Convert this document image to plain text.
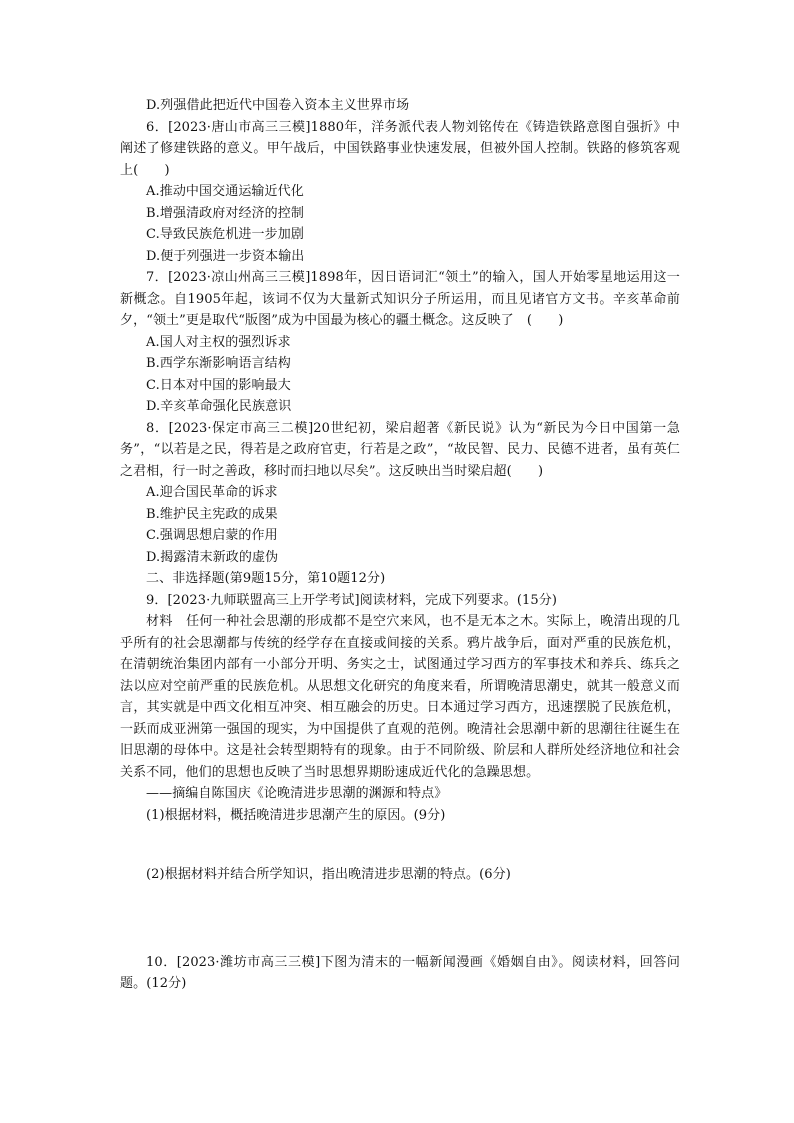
D.列强借此把近代中国卷入资本主义世界市场

6．[2023·唐山市高三三模]1880年，洋务派代表人物刘铭传在《铸造铁路意图自强折》中阐述了修建铁路的意义。甲午战后，中国铁路事业快速发展，但被外国人控制。铁路的修筑客观上(　　)

A.推动中国交通运输近代化
B.增强清政府对经济的控制
C.导致民族危机进一步加剧
D.便于列强进一步资本输出

7．[2023·凉山州高三三模]1898年，因日语词汇“领土”的输入，国人开始零星地运用这一新概念。自1905年起，该词不仅为大量新式知识分子所运用，而且见诸官方文书。辛亥革命前夕，“领土”更是取代“版图”成为中国最为核心的疆土概念。这反映了　(　　)

A.国人对主权的强烈诉求
B.西学东渐影响语言结构
C.日本对中国的影响最大
D.辛亥革命强化民族意识

8．[2023·保定市高三二模]20世纪初，梁启超著《新民说》认为“新民为今日中国第一急务”，“以若是之民，得若是之政府官吏，行若是之政”，“故民智、民力、民德不进者，虽有英仁之君相，行一时之善政，移时而扫地以尽矣”。这反映出当时梁启超(　　)

A.迎合国民革命的诉求
B.维护民主宪政的成果
C.强调思想启蒙的作用
D.揭露清末新政的虚伪
二、非选择题(第9题15分，第10题12分)

9．[2023·九师联盟高三上开学考试]阅读材料，完成下列要求。(15分)

材料　任何一种社会思潮的形成都不是空穴来风，也不是无本之木。实际上，晚清出现的几乎所有的社会思潮都与传统的经学存在直接或间接的关系。鸦片战争后，面对严重的民族危机，在清朝统治集团内部有一小部分开明、务实之士，试图通过学习西方的军事技术和养兵、练兵之法以应对空前严重的民族危机。从思想文化研究的角度来看，所谓晚清思潮史，就其一般意义而言，其实就是中西文化相互冲突、相互融会的历史。日本通过学习西方，迅速摆脱了民族危机，一跃而成亚洲第一强国的现实，为中国提供了直观的范例。晚清社会思潮中新的思潮往往诞生在旧思潮的母体中。这是社会转型期特有的现象。由于不同阶级、阶层和人群所处经济地位和社会关系不同，他们的思想也反映了当时思想界期盼速成近代化的急躁思想。

——摘编自陈国庆《论晚清进步思潮的渊源和特点》
(1)根据材料，概括晚清进步思潮产生的原因。(9分)
(2)根据材料并结合所学知识，指出晚清进步思潮的特点。(6分)

10．[2023·潍坊市高三三模]下图为清末的一幅新闻漫画《婚姻自由》。阅读材料，回答问题。(12分)
